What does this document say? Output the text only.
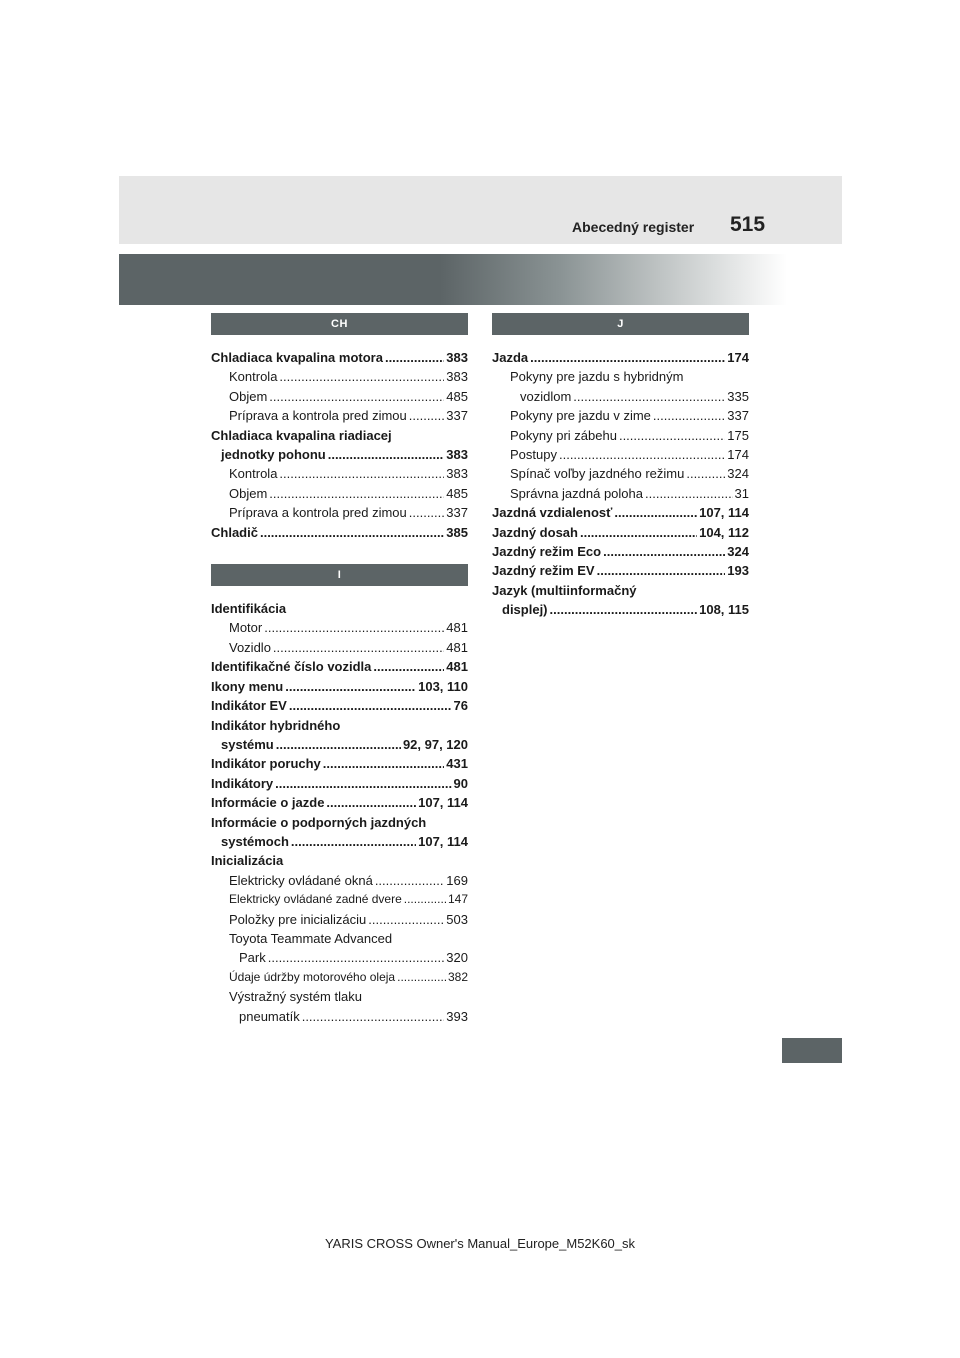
Abecedný register 515
CH
Chladiaca kvapalina motora .....	383
Kontrola .....	383
Objem .....	485
Príprava a kontrola pred zimou .....	337
Chladiaca kvapalina riadiacej
jednotky pohonu .....	383
Kontrola .....	383
Objem .....	485
Príprava a kontrola pred zimou .....	337
Chladič .....	385
I
Identifikácia
Motor .....	481
Vozidlo .....	481
Identifikačné číslo vozidla .....	481
Ikony menu .....	103, 110
Indikátor EV .....	76
Indikátor hybridného
systému .....	92, 97, 120
Indikátor poruchy .....	431
Indikátory .....	90
Informácie o jazde .....	107, 114
Informácie o podporných jazdných
systémoch .....	107, 114
Inicializácia
Elektricky ovládané okná .....	169
Elektricky ovládané zadné dvere .....	147
Položky pre inicializáciu .....	503
Toyota Teammate Advanced
Park .....	320
Údaje údržby motorového oleja .....	382
Výstražný systém tlaku
pneumatík .....	393
J
Jazda .....	174
Pokyny pre jazdu s hybridným
vozidlom .....	335
Pokyny pre jazdu v zime .....	337
Pokyny pri zábehu .....	175
Postupy .....	174
Spínač voľby jazdného režimu .....	324
Správna jazdná poloha .....	31
Jazdná vzdialenosť .....	107, 114
Jazdný dosah .....	104, 112
Jazdný režim Eco .....	324
Jazdný režim EV .....	193
Jazyk (multiinformačný
displej) .....	108, 115
YARIS CROSS Owner's Manual_Europe_M52K60_sk
